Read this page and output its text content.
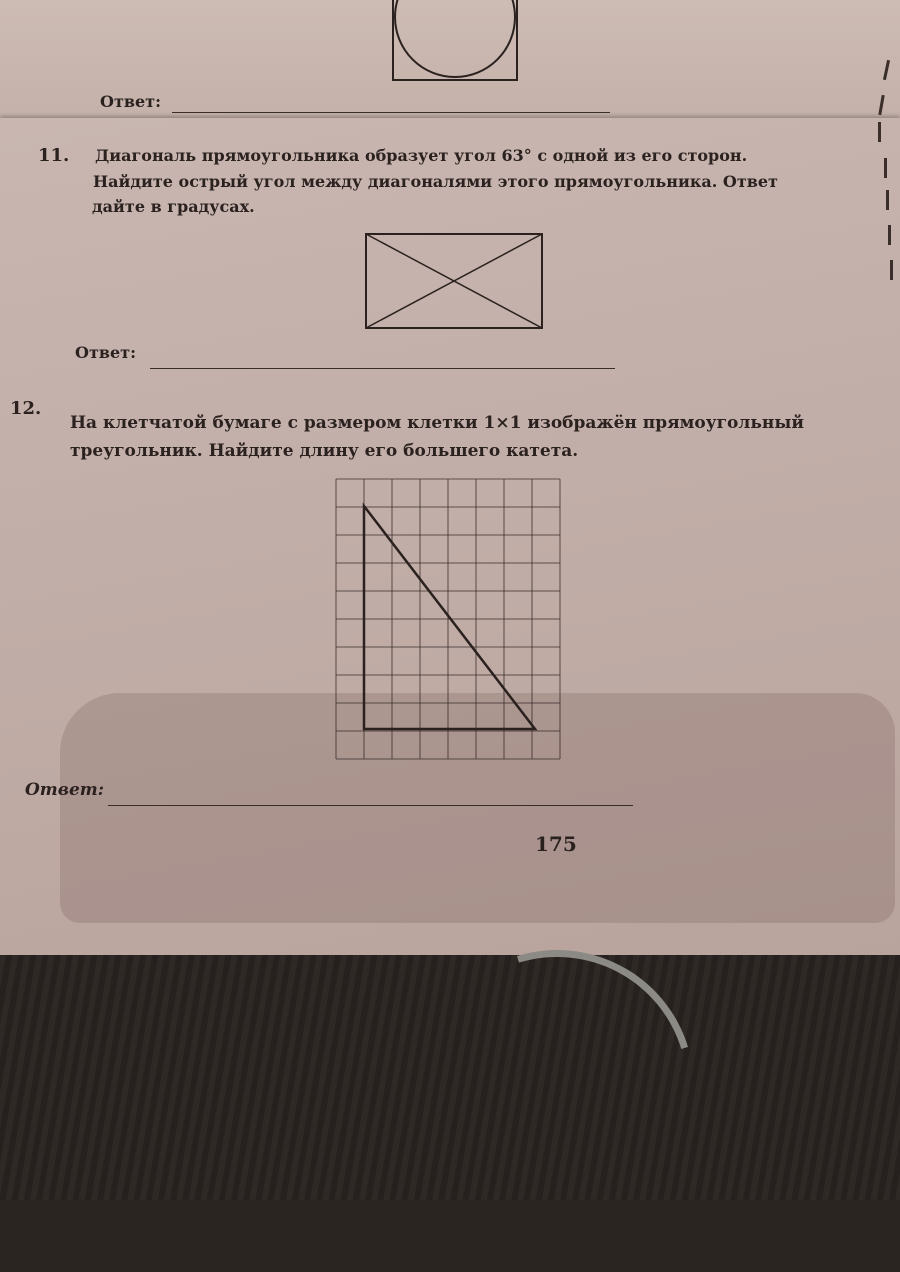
Ответ:
11. Диагональ прямоугольника образует угол 63° с одной из его сторон.
Найдите острый угол между диагоналями этого прямоугольника. Ответ
дайте в градусах.
Ответ:
12.
На клетчатой бумаге с размером клетки 1×1 изображён прямоугольный
треугольник. Найдите длину его большего катета.
Ответ:
175
